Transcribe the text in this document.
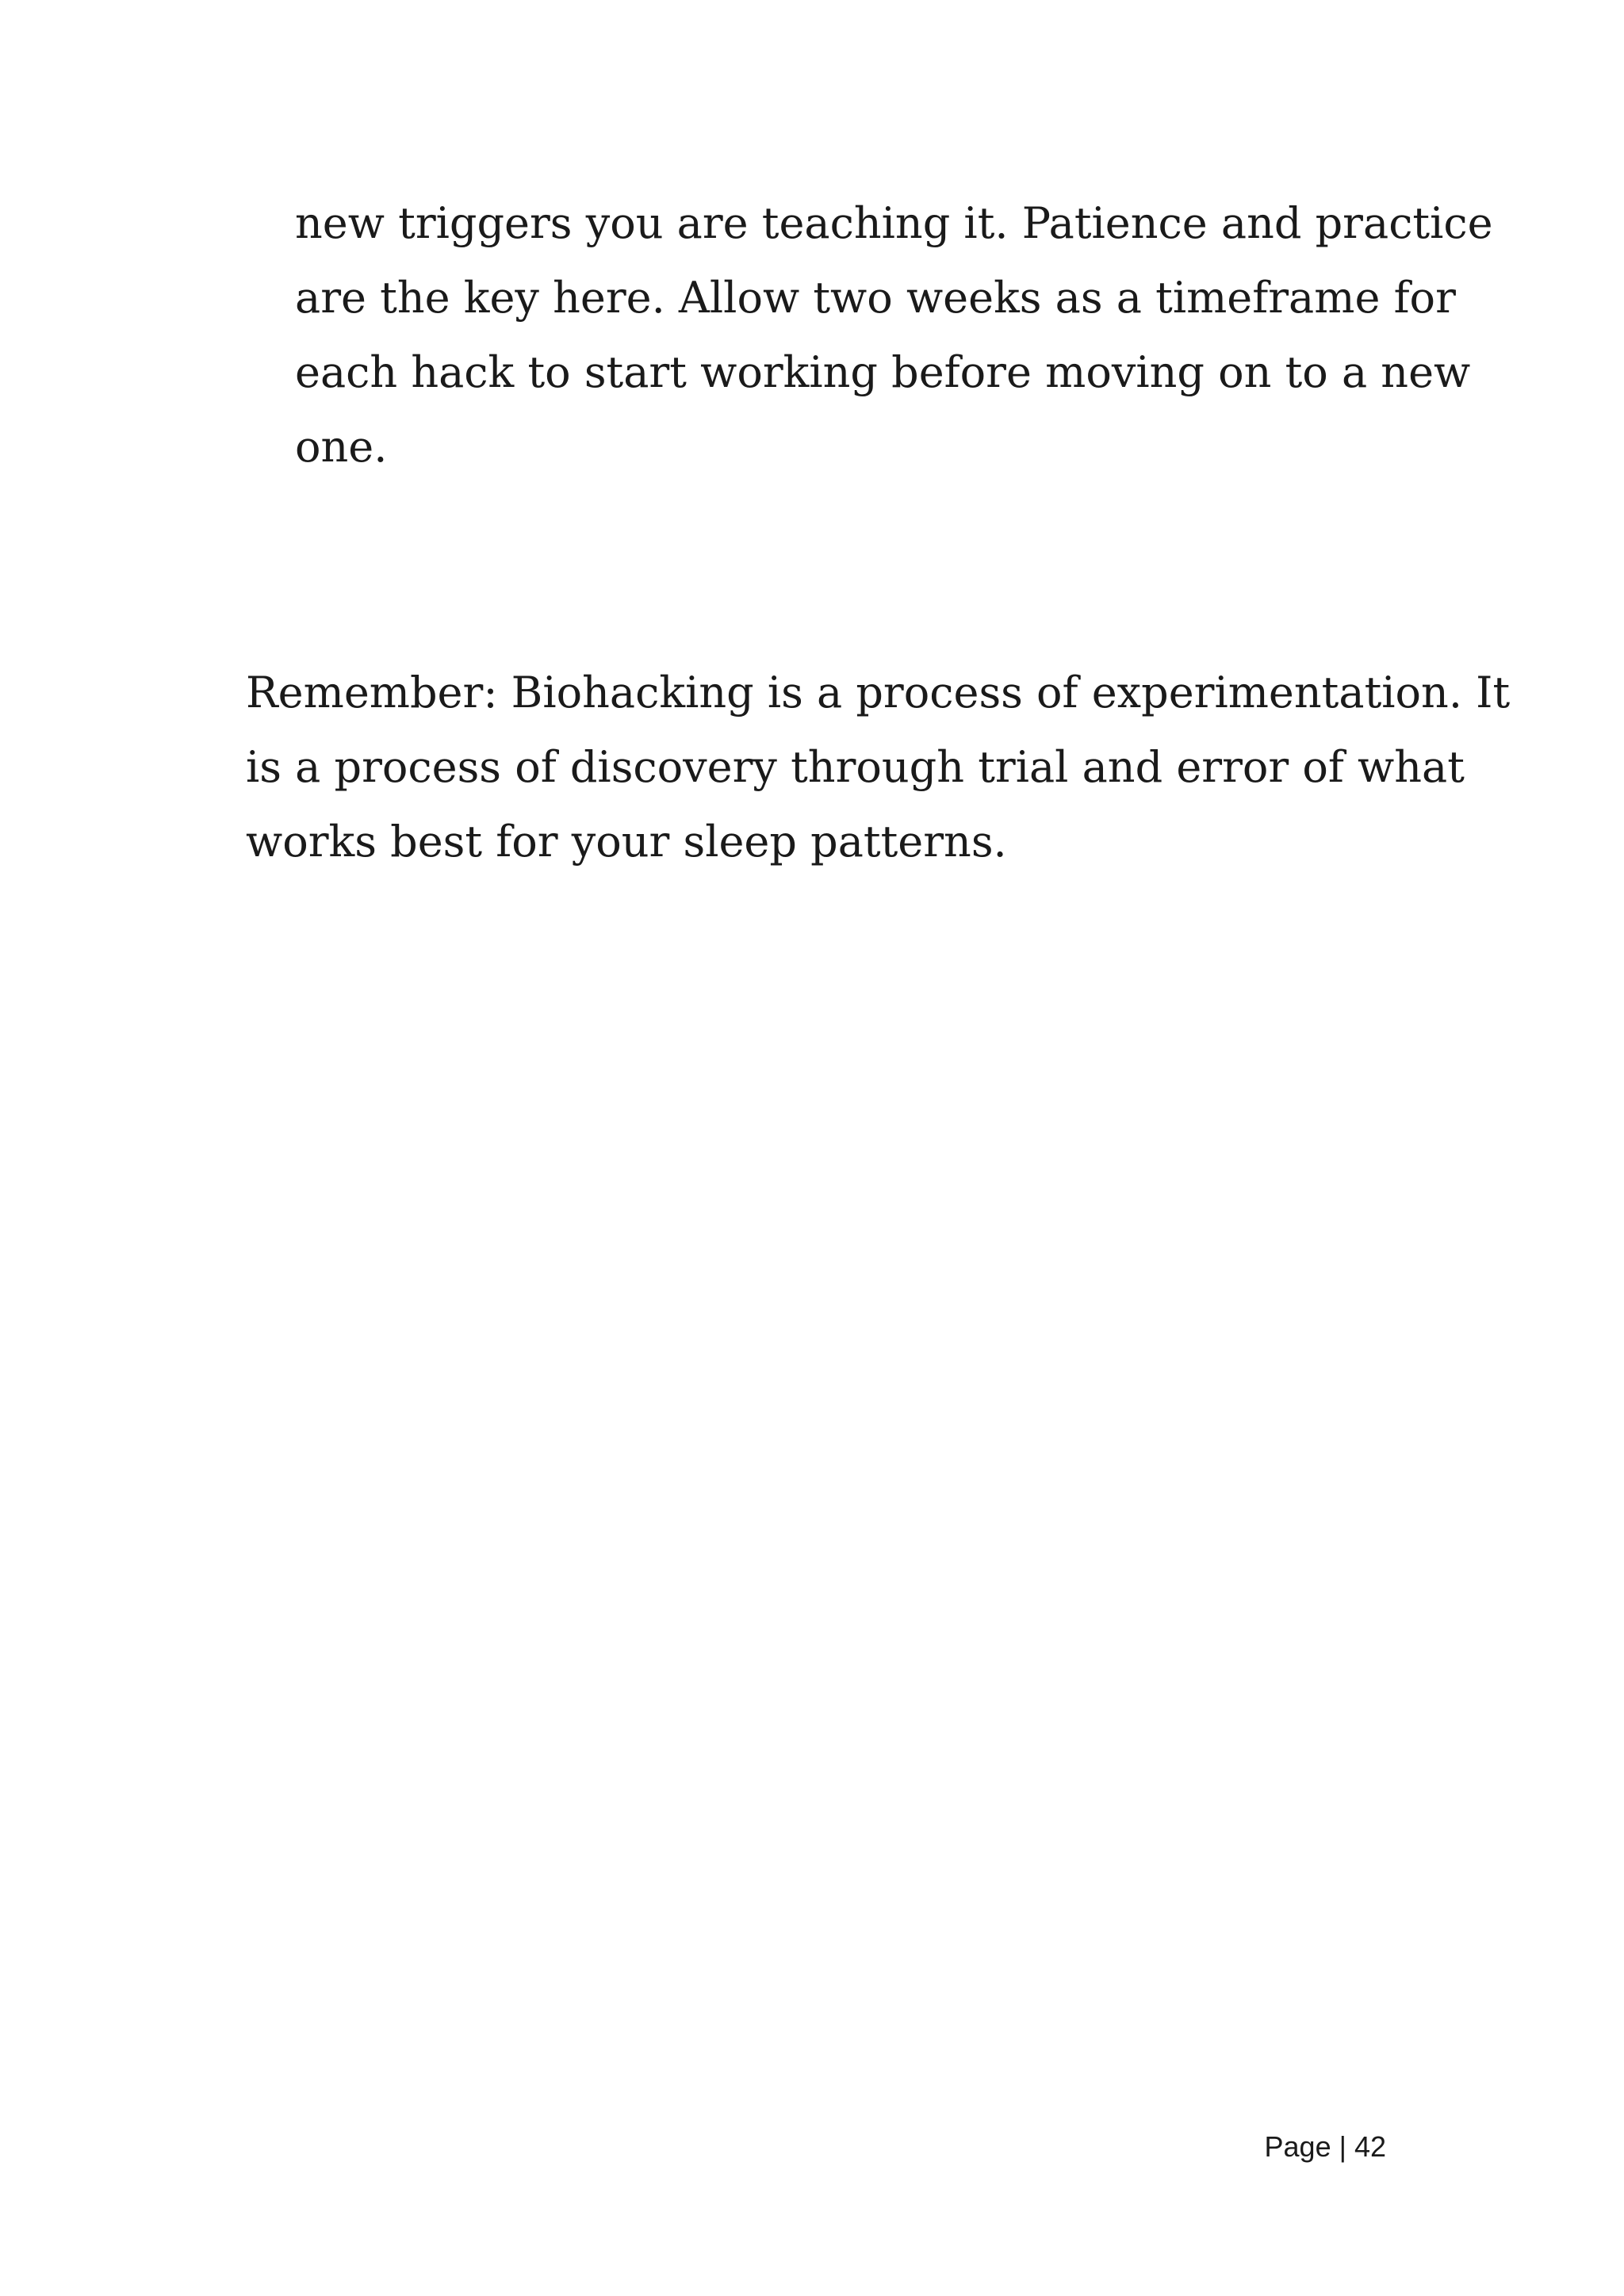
new triggers you are teaching it. Patience and practice
are the key here. Allow two weeks as a timeframe for
each hack to start working before moving on to a new
one.

Remember: Biohacking is a process of experimentation. It
is a process of discovery through trial and error of what
works best for your sleep patterns.

Page | 42
